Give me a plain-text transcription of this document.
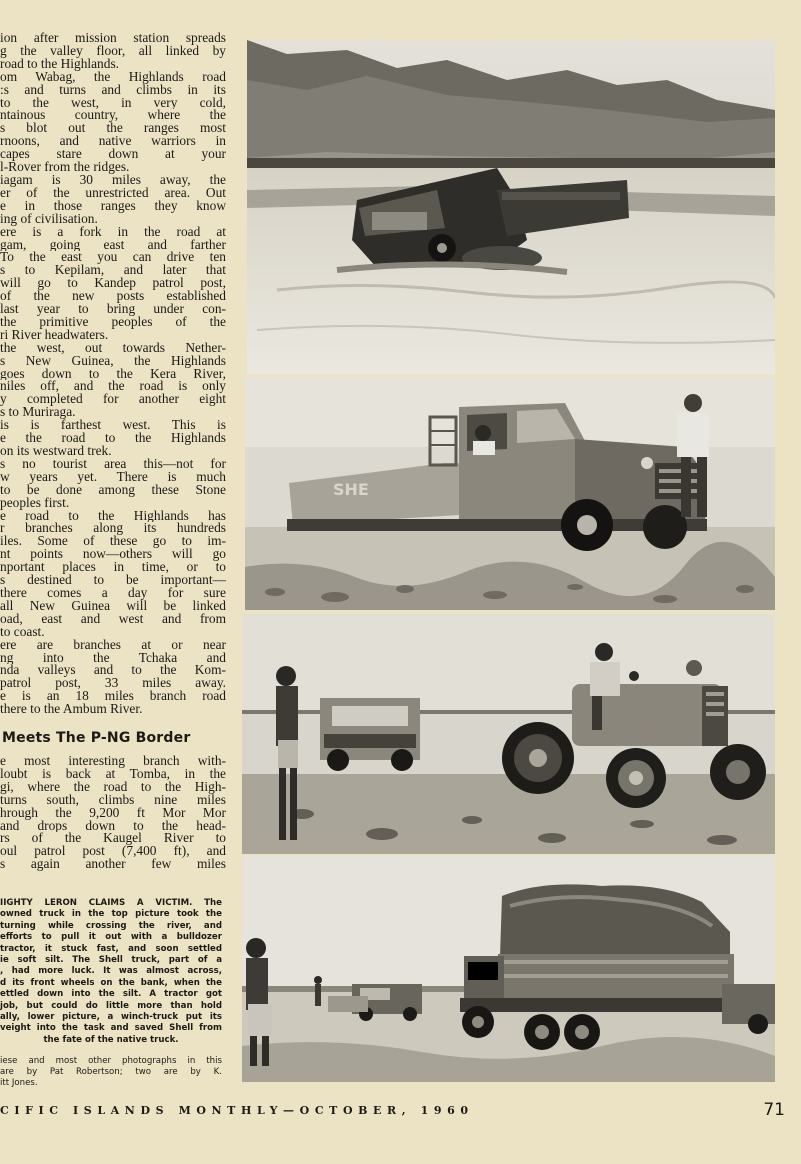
ion after mission station spreads

g the valley floor, all linked by

road to the Highlands.

om Wabag, the Highlands road

:s and turns and climbs in its

to the west, in very cold,

ntainous country, where the

s blot out the ranges most

rnoons, and native warriors in

capes stare down at your

l-Rover from the ridges.

iagam is 30 miles away, the

er of the unrestricted area. Out

e in those ranges they know

ing of civilisation.

ere is a fork in the road at

gam, going east and farther

To the east you can drive ten

s to Kepilam, and later that

will go to Kandep patrol post,

of the new posts established

last year to bring under con-

the primitive peoples of the

ri River headwaters.

the west, out towards Nether-

s New Guinea, the Highlands

goes down to the Kera River,

niles off, and the road is only

y completed for another eight

s to Muriraga.

is is farthest west. This is

e the road to the Highlands

on its westward trek.

s no tourist area this—not for

w years yet. There is much

to be done among these Stone

peoples first.

e road to the Highlands has

r branches along its hundreds

iles. Some of these go to im-

nt points now—others will go

nportant places in time, or to

s destined to be important—

there comes a day for sure

all New Guinea will be linked

oad, east and west and from

to coast.

ere are branches at or near

ng into the Tchaka and

nda valleys and to the Kom-

patrol post, 33 miles away.

e is an 18 miles branch road

there to the Ambum River.

Meets The P-NG Border

e most interesting branch with-

loubt is back at Tomba, in the

gi, where the road to the High-

turns south, climbs nine miles

hrough the 9,200 ft Mor Mor

and drops down to the head-

rs of the Kaugel River to

oul patrol post (7,400 ft), and

s again another few miles

IIGHTY LERON CLAIMS A VICTIM. The

owned truck in the top picture took the

turning while crossing the river, and

efforts to pull it out with a bulldozer

tractor, it stuck fast, and soon settled

ie soft silt. The Shell truck, part of a

, had more luck. It was almost across,

d its front wheels on the bank, when the

ettled down into the silt. A tractor got

job, but could do little more than hold

ally, lower picture, a winch-truck put its

veight into the task and saved Shell from

the fate of the native truck.

iese and most other photographs in this

are by Pat Robertson; two are by K.

itt Jones.

SHE
CIFIC ISLANDS MONTHLY—OCTOBER, 1960	71
